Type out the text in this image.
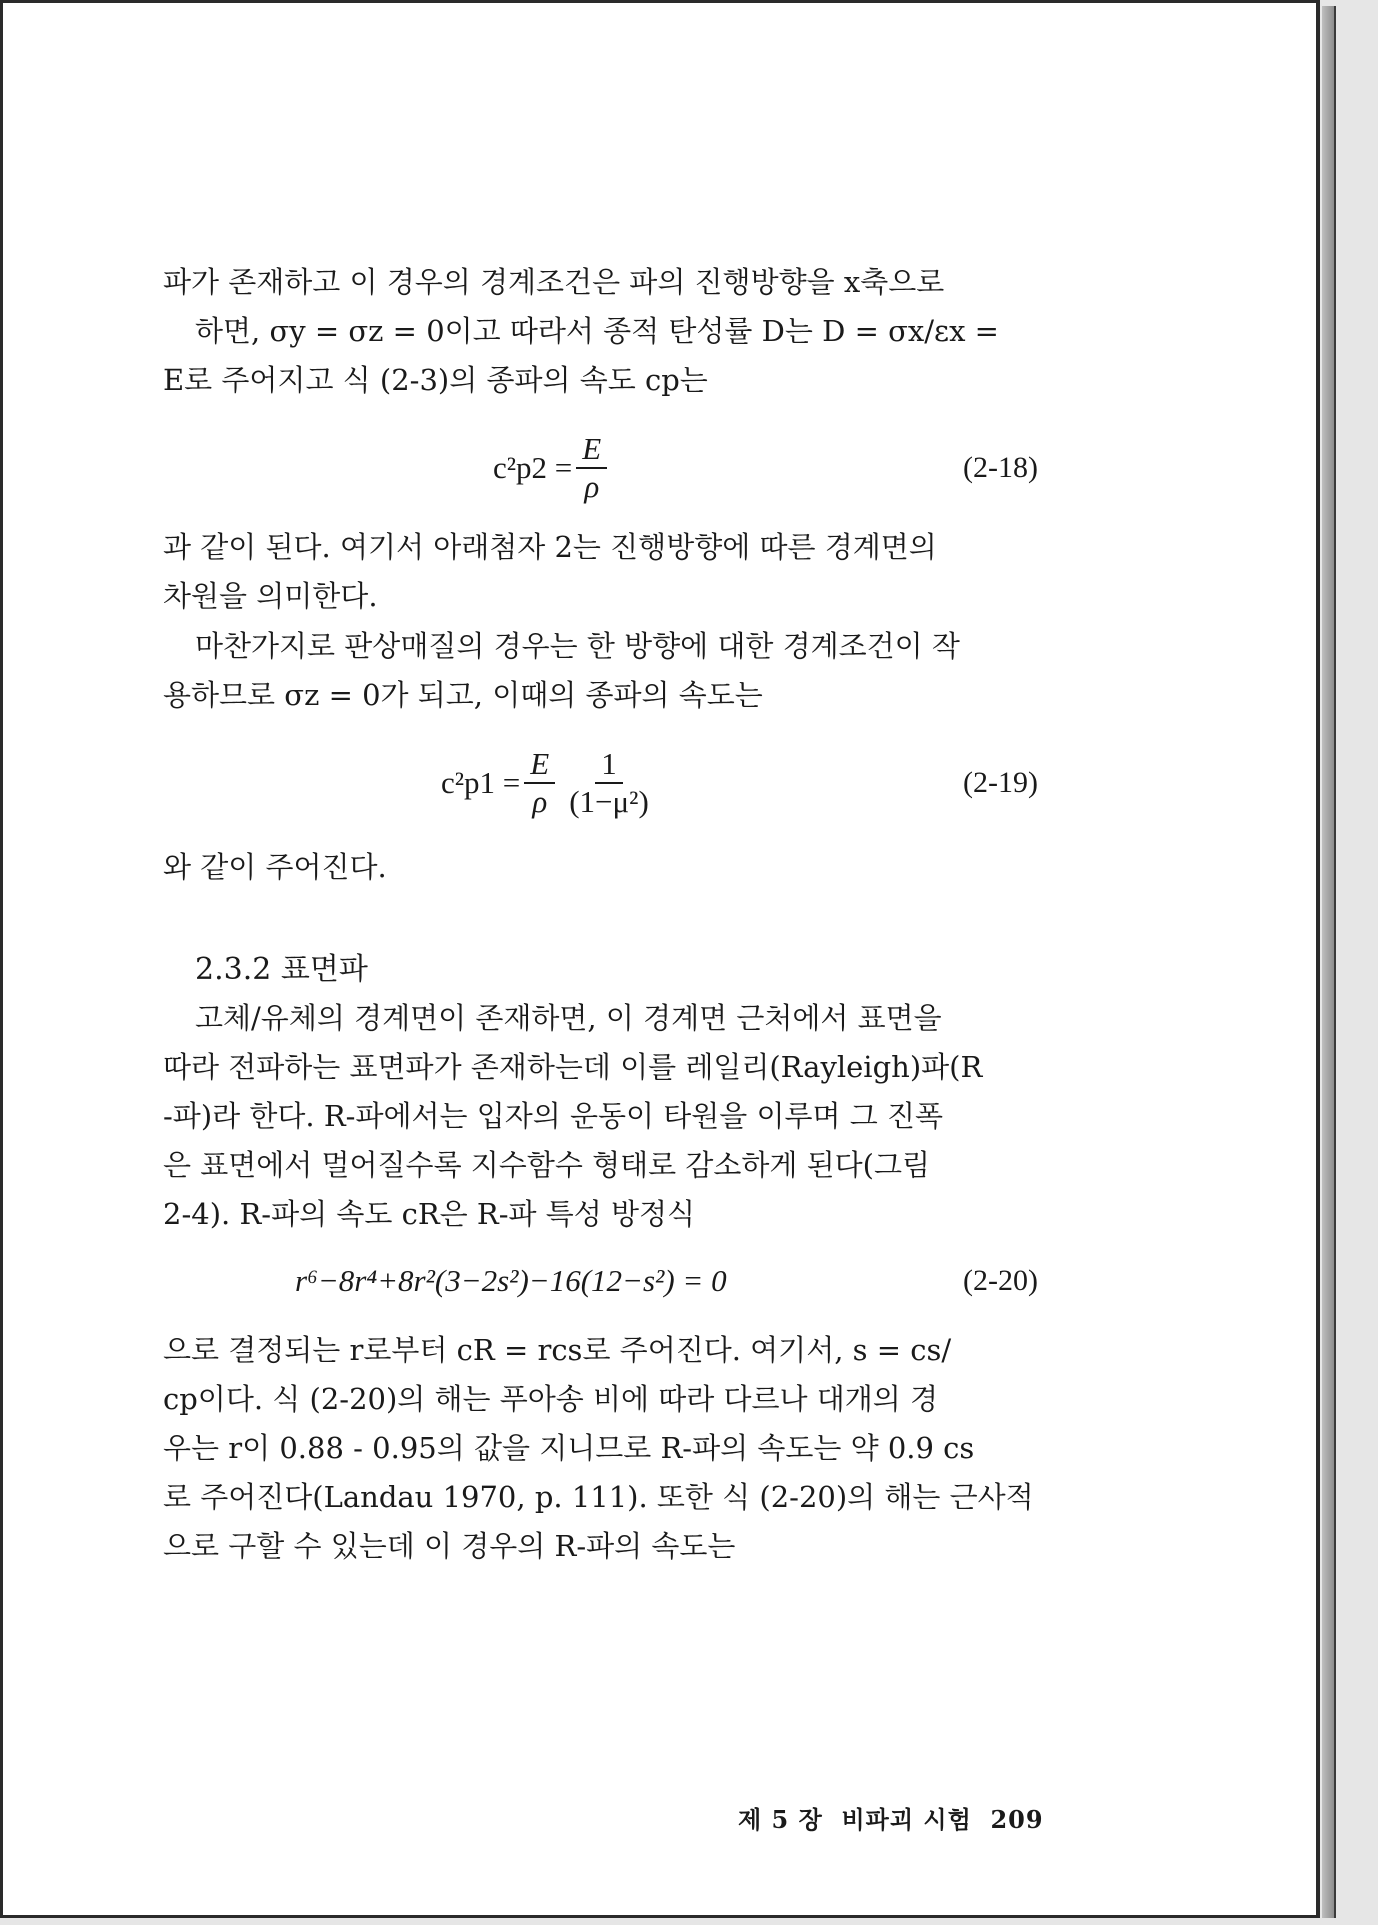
파가 존재하고 이 경우의 경계조건은 파의 진행방향을 x축으로

하면, σy = σz = 0이고 따라서 종적 탄성률 D는 D = σx/εx =

E로 주어지고 식 (2-3)의 종파의 속도 cp는

$c^2p2 = \frac{E}{\rho}$	(2-18)

과 같이 된다. 여기서 아래첨자 2는 진행방향에 따른 경계면의

차원을 의미한다.

마찬가지로 판상매질의 경우는 한 방향에 대한 경계조건이 작

용하므로 σz = 0가 되고, 이때의 종파의 속도는

$c^2p1 = \frac{E}{\rho} \frac{1}{\text{(1−μ²)}}$	(2-19)

와 같이 주어진다.

2.3.2 표면파

고체/유체의 경계면이 존재하면, 이 경계면 근처에서 표면을

따라 전파하는 표면파가 존재하는데 이를 레일리(Rayleigh)파(R

-파)라 한다. R-파에서는 입자의 운동이 타원을 이루며 그 진폭

은 표면에서 멀어질수록 지수함수 형태로 감소하게 된다(그림

2-4). R-파의 속도 cR은 R-파 특성 방정식

r⁶−8r⁴+8r²(3−2s²)−16(12−s²) = 0	(2-20)

으로 결정되는 r로부터 cR = rcs로 주어진다. 여기서, s = cs/

cp이다. 식 (2-20)의 해는 푸아송 비에 따라 다르나 대개의 경

우는 r이 0.88 - 0.95의 값을 지니므로 R-파의 속도는 약 0.9 cs

로 주어진다(Landau 1970, p. 111). 또한 식 (2-20)의 해는 근사적

으로 구할 수 있는데 이 경우의 R-파의 속도는

제 5 장  비파괴 시험  209
